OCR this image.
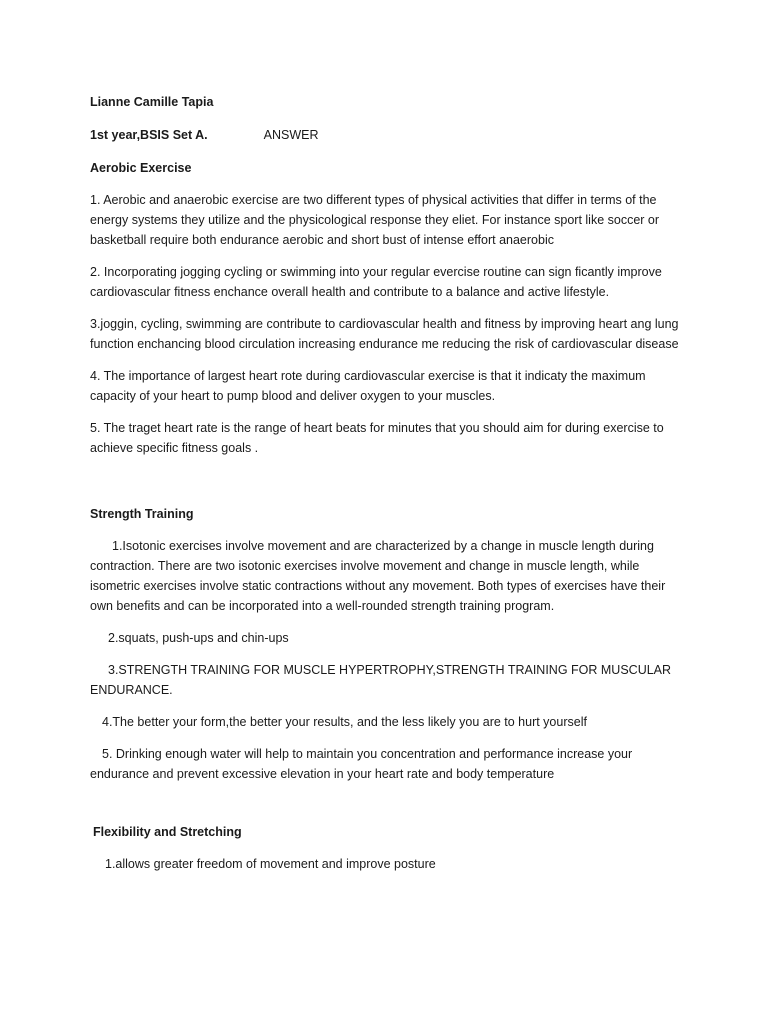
Lianne Camille Tapia

1st year,BSIS Set A.	ANSWER

Aerobic Exercise

1. Aerobic and anaerobic exercise are two different types of physical activities that differ in terms of the energy systems they utilize and the physicological response they eliet. For instance sport like soccer or basketball require both endurance aerobic and short bust of intense effort anaerobic

2. Incorporating jogging cycling or swimming into your regular evercise routine can sign ficantly improve cardiovascular fitness enchance overall health and contribute to a balance and active lifestyle.

3.joggin, cycling, swimming are contribute to cardiovascular health and fitness by improving heart ang lung function enchancing blood circulation increasing endurance me reducing the risk of cardiovascular disease

4. The importance of largest heart rote during cardiovascular exercise is that it indicaty the maximum capacity of your heart to pump blood and deliver oxygen to your muscles.

5. The traget heart rate is the range of heart beats for minutes that you should aim for during exercise to achieve specific fitness goals .

Strength Training

1.Isotonic exercises involve movement and are characterized by a change in muscle length during contraction. There are two isotonic exercises involve movement and change in muscle length, while isometric exercises involve static contractions without any movement. Both types of exercises have their own benefits and can be incorporated into a well-rounded strength training program.

2.squats, push-ups and chin-ups

3.STRENGTH TRAINING FOR MUSCLE HYPERTROPHY,STRENGTH TRAINING FOR MUSCULAR ENDURANCE.

4.The better your form,the better your results, and the less likely you are to hurt yourself

5. Drinking enough water will help to maintain you concentration and performance increase your endurance and prevent excessive elevation in your heart rate and body temperature

Flexibility and Stretching

1.allows greater freedom of movement and improve posture
